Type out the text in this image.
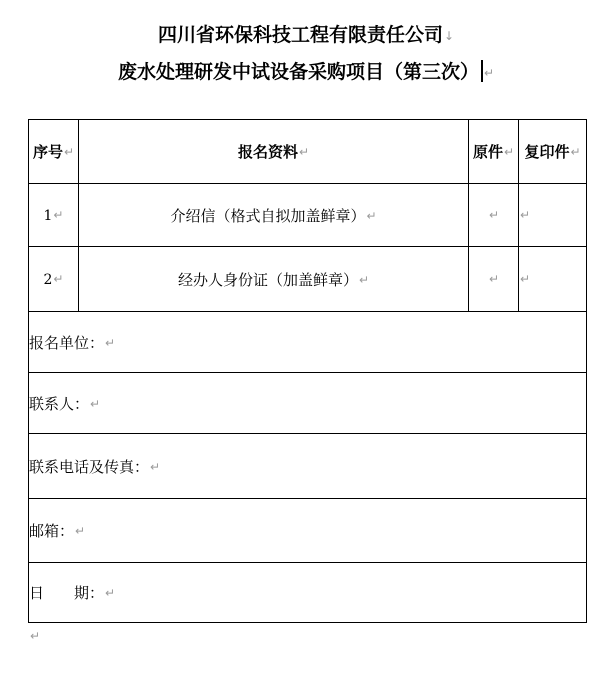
四川省环保科技工程有限责任公司↓
废水处理研发中试设备采购项目（第三次） ↵
序号↵	报名资料↵	原件↵	复印件↵
1↵	介绍信（格式自拟加盖鲜章）↵	↵	↵
2↵	经办人身份证（加盖鲜章）↵	↵	↵
报名单位：↵			
联系人：↵			
联系电话及传真：↵			
邮箱：↵			
日　　期：↵			
↵
